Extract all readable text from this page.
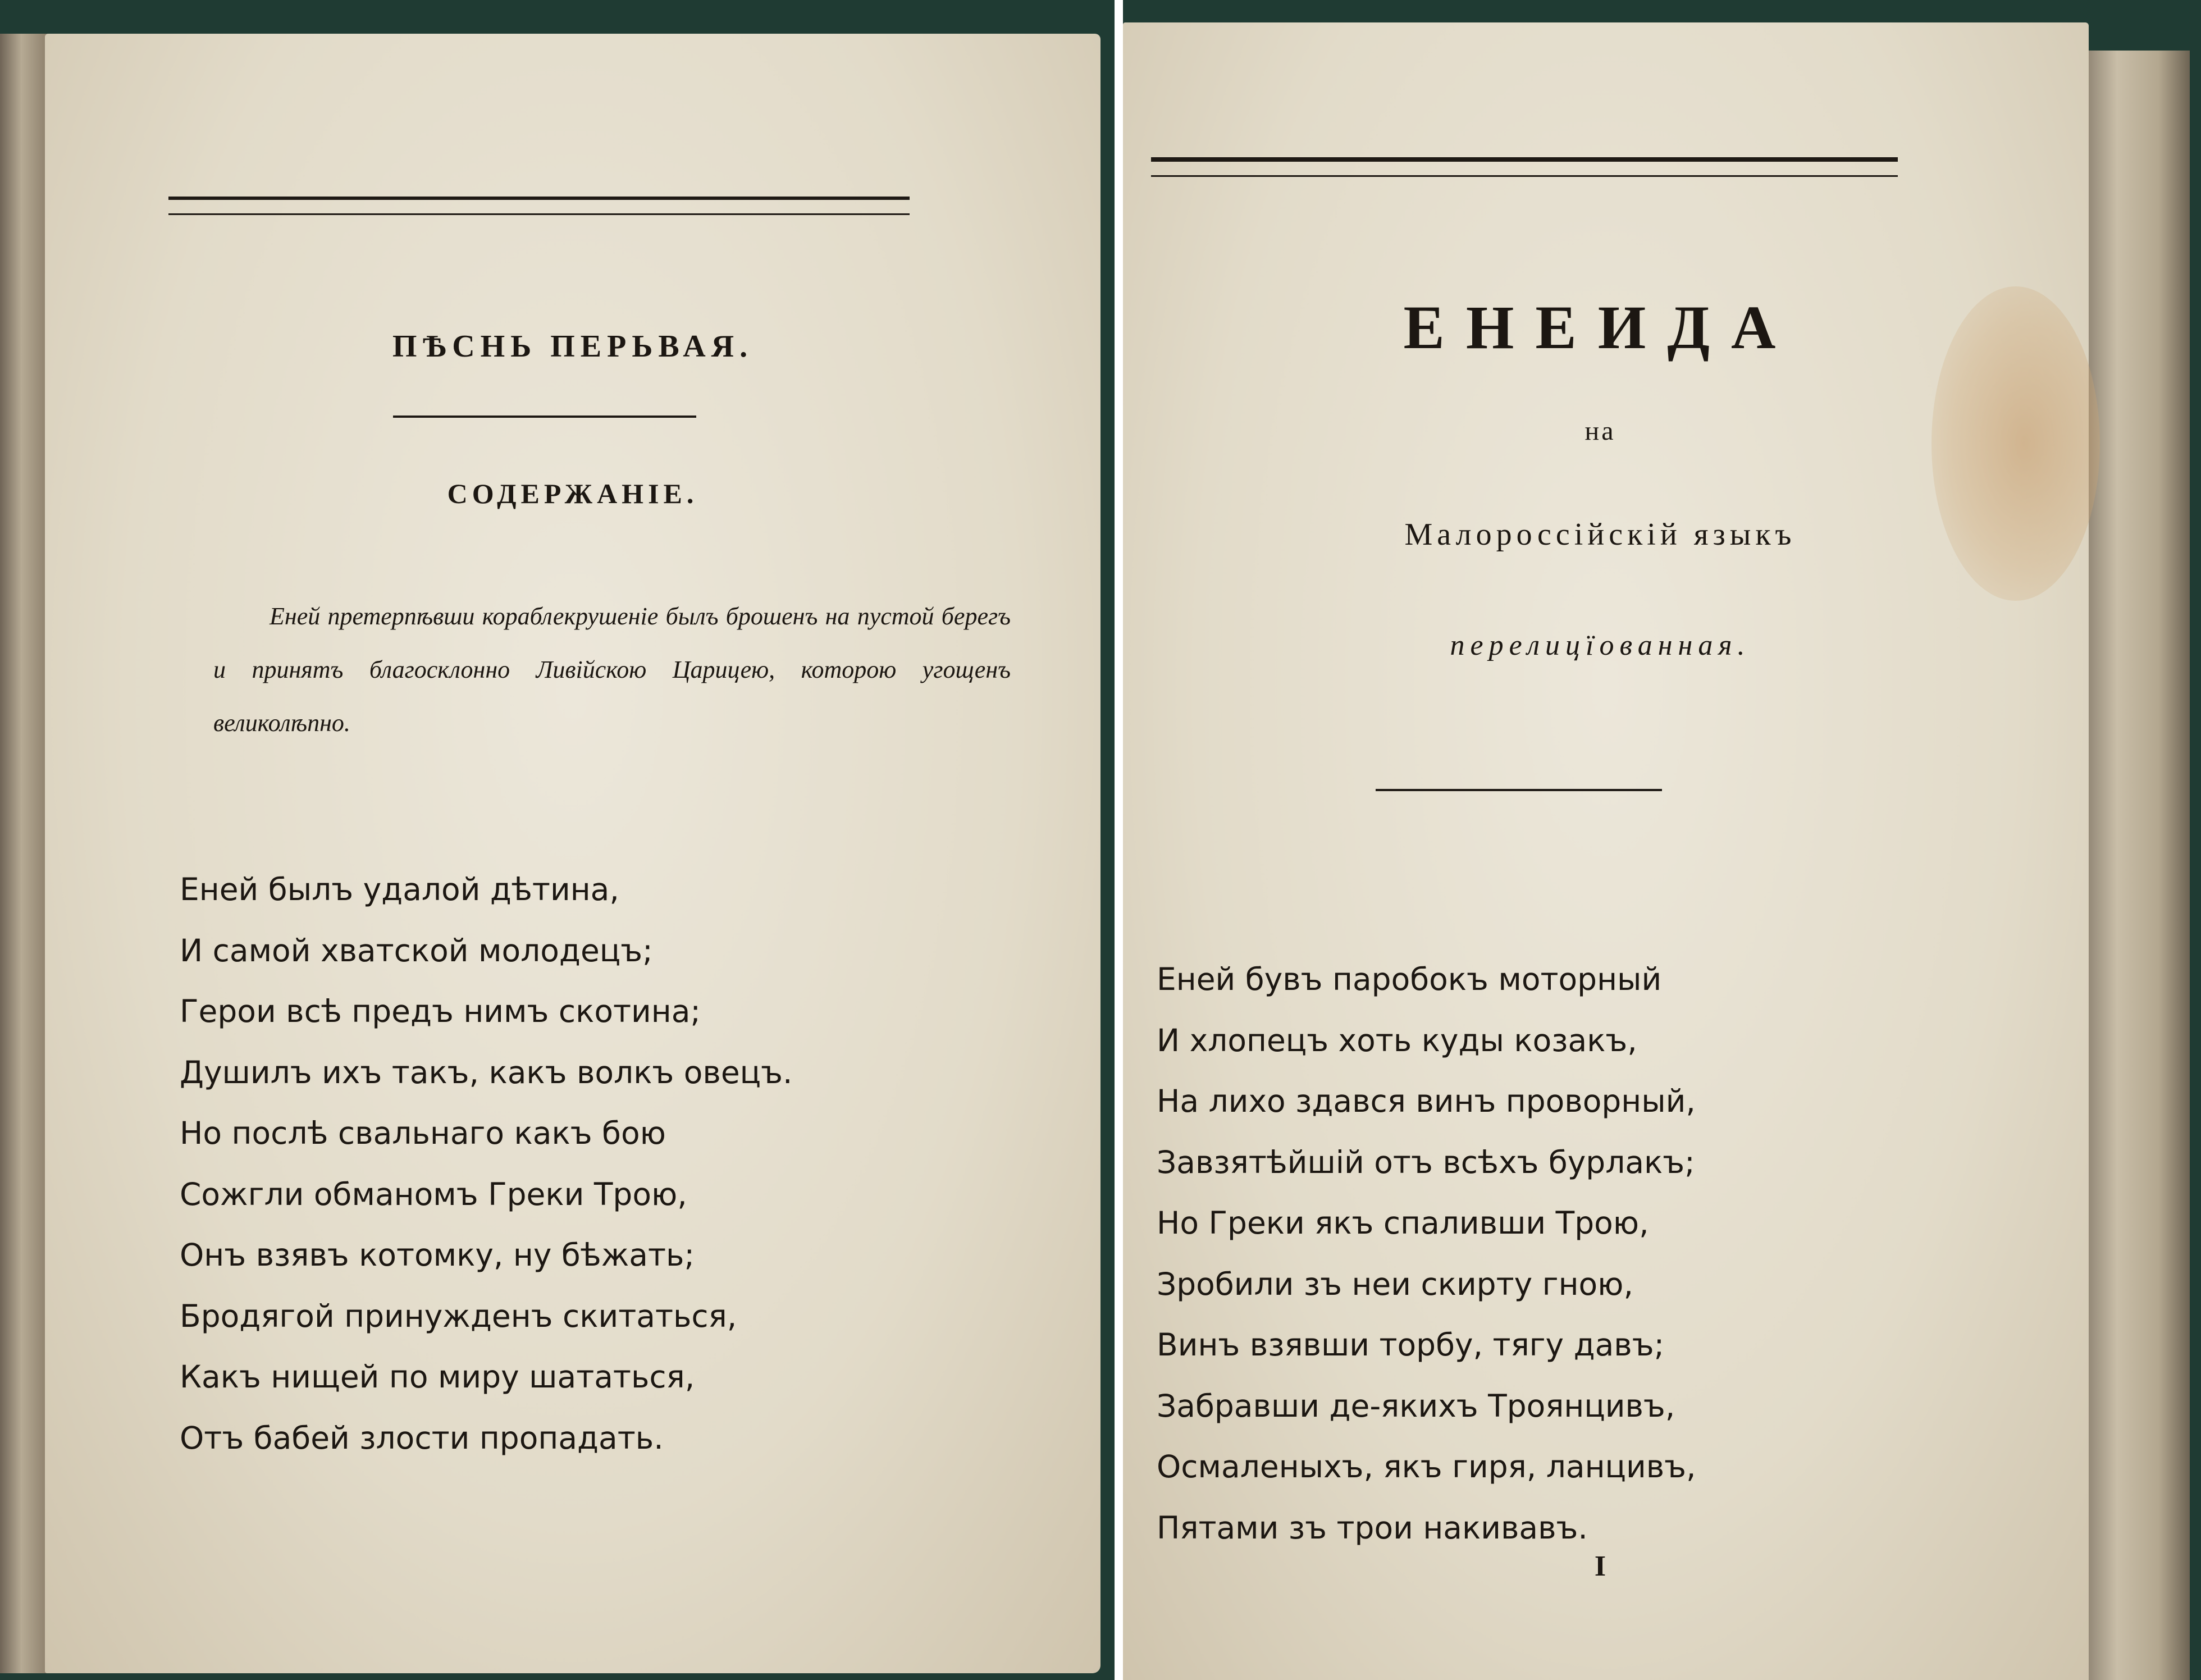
ПѢСНЬ ПЕРЬВАЯ.
СОДЕРЖАНІЕ.
Еней претерпѣвши кораблекрушеніе былъ брошенъ на пустой берегъ и принятъ благосклонно Ливійскою Царицею, которою угощенъ великолѣпно.
Еней былъ удалой дѣтина,
И самой хватской молодецъ;
Герои всѣ предъ нимъ скотина;
Душилъ ихъ такъ, какъ волкъ овецъ.
Но послѣ свальнаго какъ бою
Сожгли обманомъ Греки Трою,
Онъ взявъ котомку, ну бѣжать;
Бродягой принужденъ скитаться,
Какъ нищей по миру шататься,
Отъ бабей злости пропадать.
ЕНЕИДА
на
Малороссійскій языкъ
перелицїованная.
Еней бувъ паробокъ моторный
И хлопецъ хоть куды козакъ,
На лихо здався винъ проворный,
Завзятѣйшій отъ всѣхъ бурлакъ;
Но Греки якъ спаливши Трою,
Зробили зъ неи скирту гною,
Винъ взявши торбу, тягу давъ;
Забравши де-якихъ Троянцивъ,
Осмаленыхъ, якъ гиря, ланцивъ,
Пятами зъ трои накивавъ.
I
